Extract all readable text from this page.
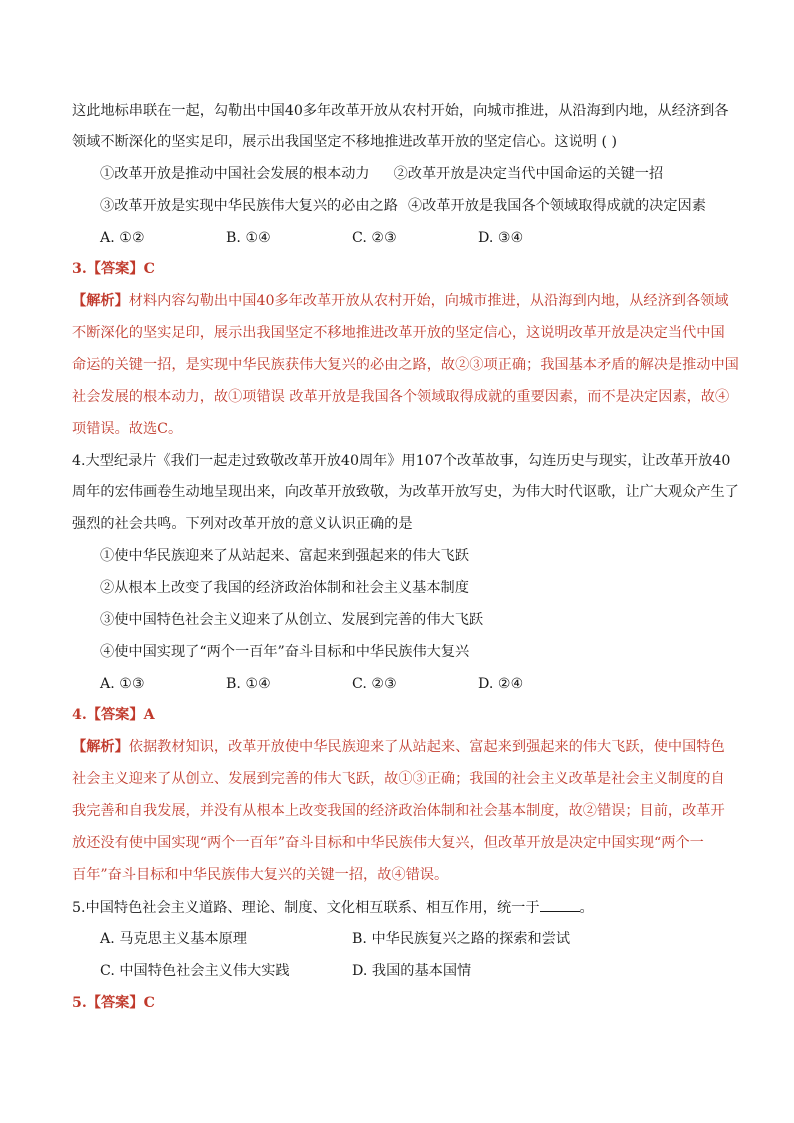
这此地标串联在一起，勾勒出中国40多年改革开放从农村开始，向城市推进，从沿海到内地，从经济到各
领域不断深化的坚实足印，展示出我国坚定不移地推进改革开放的坚定信心。这说明 ( )
①改革开放是推动中国社会发展的根本动力 ②改革开放是决定当代中国命运的关键一招
③改革开放是实现中华民族伟大复兴的必由之路 ④改革开放是我国各个领域取得成就的决定因素
A. ①②	B. ①④	C. ②③	D. ③④
3.【答案】C
【解析】材料内容勾勒出中国40多年改革开放从农村开始，向城市推进，从沿海到内地，从经济到各领域
不断深化的坚实足印，展示出我国坚定不移地推进改革开放的坚定信心，这说明改革开放是决定当代中国
命运的关键一招，是实现中华民族获伟大复兴的必由之路，故②③项正确；我国基本矛盾的解决是推动中国
社会发展的根本动力，故①项错误 改革开放是我国各个领域取得成就的重要因素，而不是决定因素，故④
项错误。故选C。
4.大型纪录片《我们一起走过致敬改革开放40周年》用107个改革故事，勾连历史与现实，让改革开放40
周年的宏伟画卷生动地呈现出来，向改革开放致敬，为改革开放写史，为伟大时代讴歌，让广大观众产生了
强烈的社会共鸣。下列对改革开放的意义认识正确的是
①使中华民族迎来了从站起来、富起来到强起来的伟大飞跃
②从根本上改变了我国的经济政治体制和社会主义基本制度
③使中国特色社会主义迎来了从创立、发展到完善的伟大飞跃
④使中国实现了“两个一百年”奋斗目标和中华民族伟大复兴
A. ①③	B. ①④	C. ②③	D. ②④
4.【答案】A
【解析】依据教材知识，改革开放使中华民族迎来了从站起来、富起来到强起来的伟大飞跃，使中国特色
社会主义迎来了从创立、发展到完善的伟大飞跃，故①③正确；我国的社会主义改革是社会主义制度的自
我完善和自我发展，并没有从根本上改变我国的经济政治体制和社会基本制度，故②错误；目前，改革开
放还没有使中国实现“两个一百年”奋斗目标和中华民族伟大复兴，但改革开放是决定中国实现“两个一
百年”奋斗目标和中华民族伟大复兴的关键一招，故④错误。
5.中国特色社会主义道路、理论、制度、文化相互联系、相互作用，统一于	。
A. 马克思主义基本原理	B. 中华民族复兴之路的探索和尝试
C. 中国特色社会主义伟大实践	D. 我国的基本国情
5.【答案】C
